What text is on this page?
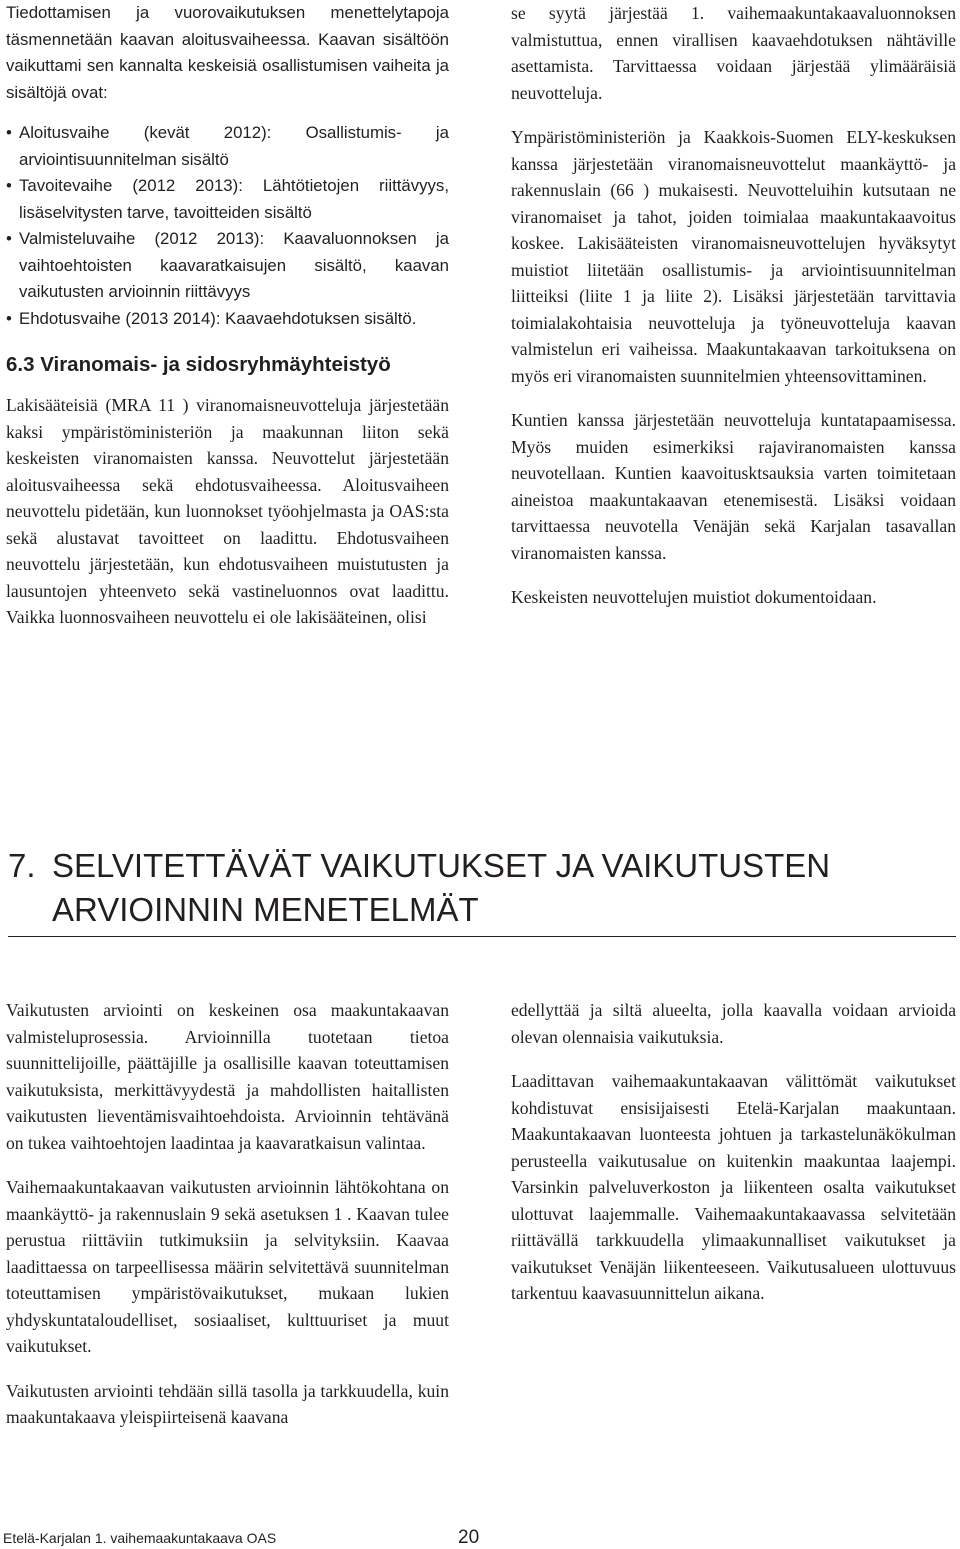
Tiedottamisen ja vuorovaikutuksen menettelytapoja täsmennetään kaavan aloitusvaiheessa. Kaavan sisältöön vaikuttami sen kannalta keskeisiä osallistumisen vaiheita ja sisältöjä ovat:

• Aloitusvaihe (kevät 2012): Osallistumis- ja arviointisuunnitelman sisältö
• Tavoitevaihe (2012 2013): Lähtötietojen riittävyys, lisäselvitysten tarve, tavoitteiden sisältö
• Valmisteluvaihe (2012 2013): Kaavaluonnoksen ja vaihtoehtoisten kaavaratkaisujen sisältö, kaavan vaikutusten arvioinnin riittävyys
• Ehdotusvaihe (2013 2014): Kaavaehdotuksen sisältö.
6.3 Viranomais- ja sidosryhmäyhteistyö

Lakisääteisiä (MRA 11 ) viranomaisneuvotteluja järjestetään kaksi ympäristöministeriön ja maakunnan liiton sekä keskeisten viranomaisten kanssa. Neuvottelut järjestetään aloitusvaiheessa sekä ehdotusvaiheessa. Aloitusvaiheen neuvottelu pidetään, kun luonnokset työohjelmasta ja OAS:sta sekä alustavat tavoitteet on laadittu. Ehdotusvaiheen neuvottelu järjestetään, kun ehdotusvaiheen muistutusten ja lausuntojen yhteenveto sekä vastineluonnos ovat laadittu. Vaikka luonnosvaiheen neuvottelu ei ole lakisääteinen, olisi

se syytä järjestää 1. vaihemaakuntakaavaluonnoksen valmistuttua, ennen virallisen kaavaehdotuksen nähtäville asettamista. Tarvittaessa voidaan järjestää ylimääräisiä neuvotteluja.

Ympäristöministeriön ja Kaakkois-Suomen ELY-keskuksen kanssa järjestetään viranomaisneuvottelut maankäyttö- ja rakennuslain (66 ) mukaisesti. Neuvotteluihin kutsutaan ne viranomaiset ja tahot, joiden toimialaa maakuntakaavoitus koskee. Lakisääteisten viranomaisneuvottelujen hyväksytyt muistiot liitetään osallistumis- ja arviointisuunnitelman liitteiksi (liite 1 ja liite 2). Lisäksi järjestetään tarvittavia toimialakohtaisia neuvotteluja ja työneuvotteluja kaavan valmistelun eri vaiheissa. Maakuntakaavan tarkoituksena on myös eri viranomaisten suunnitelmien yhteensovittaminen.

Kuntien kanssa järjestetään neuvotteluja kuntatapaamisessa. Myös muiden esimerkiksi rajaviranomaisten kanssa neuvotellaan. Kuntien kaavoitusktsauksia varten toimitetaan aineistoa maakuntakaavan etenemisestä. Lisäksi voidaan tarvittaessa neuvotella Venäjän sekä Karjalan tasavallan viranomaisten kanssa.

Keskeisten neuvottelujen muistiot dokumentoidaan.

7. SELVITETTÄVÄT VAIKUTUKSET JA VAIKUTUSTEN
ARVIOINNIN MENETELMÄT

Vaikutusten arviointi on keskeinen osa maakuntakaavan valmisteluprosessia. Arvioinnilla tuotetaan tietoa suunnittelijoille, päättäjille ja osallisille kaavan toteuttamisen vaikutuksista, merkittävyydestä ja mahdollisten haitallisten vaikutusten lieventämisvaihtoehdoista. Arvioinnin tehtävänä on tukea vaihtoehtojen laadintaa ja kaavaratkaisun valintaa.

Vaihemaakuntakaavan vaikutusten arvioinnin lähtökohtana on maankäyttö- ja rakennuslain 9 sekä asetuksen 1 . Kaavan tulee perustua riittäviin tutkimuksiin ja selvityksiin. Kaavaa laadittaessa on tarpeellisessa määrin selvitettävä suunnitelman toteuttamisen ympäristövaikutukset, mukaan lukien yhdyskuntataloudelliset, sosiaaliset, kulttuuriset ja muut vaikutukset.

Vaikutusten arviointi tehdään sillä tasolla ja tarkkuudella, kuin maakuntakaava yleispiirteisenä kaavana

edellyttää ja siltä alueelta, jolla kaavalla voidaan arvioida olevan olennaisia vaikutuksia.

Laadittavan vaihemaakuntakaavan välittömät vaikutukset kohdistuvat ensisijaisesti Etelä-Karjalan maakuntaan. Maakuntakaavan luonteesta johtuen ja tarkastelunäkökulman perusteella vaikutusalue on kuitenkin maakuntaa laajempi. Varsinkin palveluverkoston ja liikenteen osalta vaikutukset ulottuvat laajemmalle. Vaihemaakuntakaavassa selvitetään riittävällä tarkkuudella ylimaakunnalliset vaikutukset ja vaikutukset Venäjän liikenteeseen. Vaikutusalueen ulottuvuus tarkentuu kaavasuunnittelun aikana.

Etelä-Karjalan 1. vaihemaakuntakaava OAS	20
